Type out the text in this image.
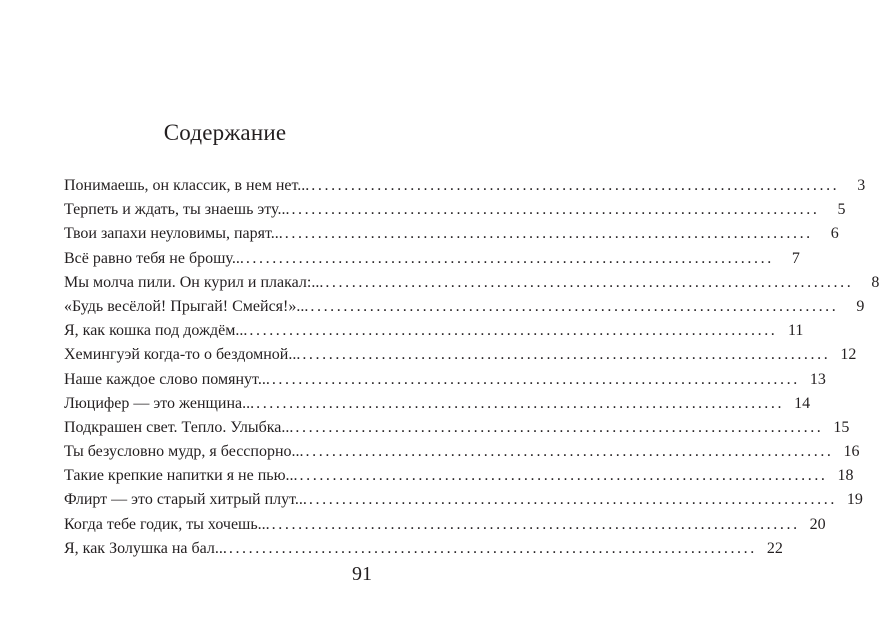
Содержание
Понимаешь, он классик, в нем нет... ................................................................................	3
Терпеть и ждать, ты знаешь эту... ................................................................................	5
Твои запахи неуловимы, парят... ................................................................................	6
Всё равно тебя не брошу... ................................................................................	7
Мы молча пили. Он курил и плакал:... ................................................................................	8
«Будь весёлой! Прыгай! Смейся!»... ................................................................................	9
Я, как кошка под дождём... ................................................................................ 11
Хемингуэй когда-то о бездомной... ................................................................................ 12
Наше каждое слово помянут... ................................................................................ 13
Люцифер — это женщина... ................................................................................ 14
Подкрашен свет. Тепло. Улыбка... ................................................................................ 15
Ты безусловно мудр, я бесспорно... ................................................................................ 16
Такие крепкие напитки я не пью... ................................................................................ 18
Флирт — это старый хитрый плут... ................................................................................ 19
Когда тебе годик, ты хочешь... ................................................................................ 20
Я, как Золушка на бал... ................................................................................ 22
91
